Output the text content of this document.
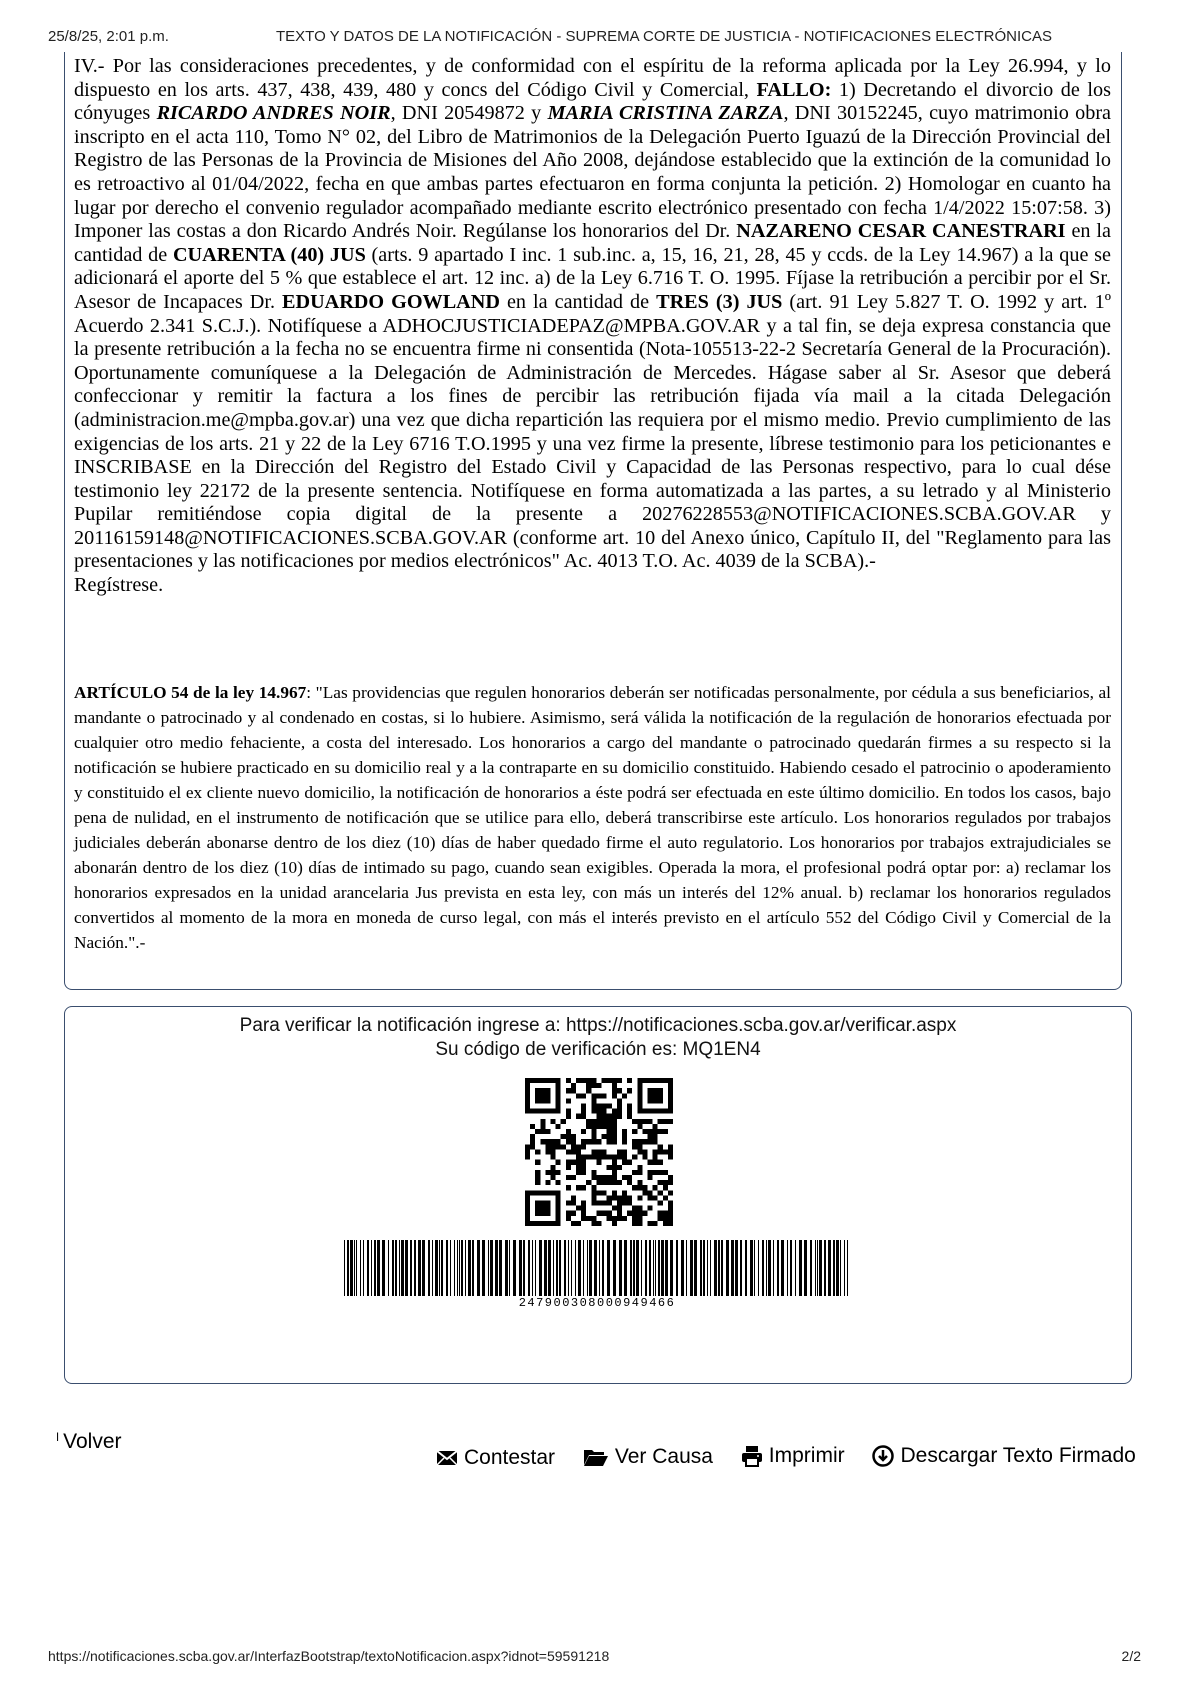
25/8/25, 2:01 p.m.	TEXTO Y DATOS DE LA NOTIFICACIÓN - SUPREMA CORTE DE JUSTICIA - NOTIFICACIONES ELECTRÓNICAS

IV.- Por las consideraciones precedentes, y de conformidad con el espíritu de la reforma aplicada por la Ley 26.994, y lo dispuesto en los arts. 437, 438, 439, 480 y concs del Código Civil y Comercial, FALLO: 1) Decretando el divorcio de los cónyuges RICARDO ANDRES NOIR, DNI 20549872 y MARIA CRISTINA ZARZA, DNI 30152245, cuyo matrimonio obra inscripto en el acta 110, Tomo N° 02, del Libro de Matrimonios de la Delegación Puerto Iguazú de la Dirección Provincial del Registro de las Personas de la Provincia de Misiones del Año 2008, dejándose establecido que la extinción de la comunidad lo es retroactivo al 01/04/2022, fecha en que ambas partes efectuaron en forma conjunta la petición. 2) Homologar en cuanto ha lugar por derecho el convenio regulador acompañado mediante escrito electrónico presentado con fecha 1/4/2022 15:07:58. 3) Imponer las costas a don Ricardo Andrés Noir. Regúlanse los honorarios del Dr. NAZARENO CESAR CANESTRARI en la cantidad de CUARENTA (40) JUS (arts. 9 apartado I inc. 1 sub.inc. a, 15, 16, 21, 28, 45 y ccds. de la Ley 14.967) a la que se adicionará el aporte del 5 % que establece el art. 12 inc. a) de la Ley 6.716 T. O. 1995. Fíjase la retribución a percibir por el Sr. Asesor de Incapaces Dr. EDUARDO GOWLAND en la cantidad de TRES (3) JUS (art. 91 Ley 5.827 T. O. 1992 y art. 1º Acuerdo 2.341 S.C.J.). Notifíquese a ADHOCJUSTICIADEPAZ@MPBA.GOV.AR y a tal fin, se deja expresa constancia que la presente retribución a la fecha no se encuentra firme ni consentida (Nota-105513-22-2 Secretaría General de la Procuración). Oportunamente comuníquese a la Delegación de Administración de Mercedes. Hágase saber al Sr. Asesor que deberá confeccionar y remitir la factura a los fines de percibir las retribución fijada vía mail a la citada Delegación (administracion.me@mpba.gov.ar) una vez que dicha repartición las requiera por el mismo medio. Previo cumplimiento de las exigencias de los arts. 21 y 22 de la Ley 6716 T.O.1995 y una vez firme la presente, líbrese testimonio para los peticionantes e INSCRIBASE en la Dirección del Registro del Estado Civil y Capacidad de las Personas respectivo, para lo cual dése testimonio ley 22172 de la presente sentencia. Notifíquese en forma automatizada a las partes, a su letrado y al Ministerio Pupilar remitiéndose copia digital de la presente a 20276228553@NOTIFICACIONES.SCBA.GOV.AR y 20116159148@NOTIFICACIONES.SCBA.GOV.AR (conforme art. 10 del Anexo único, Capítulo II, del "Reglamento para las presentaciones y las notificaciones por medios electrónicos" Ac. 4013 T.O. Ac. 4039 de la SCBA).-

Regístrese.

ARTÍCULO 54 de la ley 14.967: "Las providencias que regulen honorarios deberán ser notificadas personalmente, por cédula a sus beneficiarios, al mandante o patrocinado y al condenado en costas, si lo hubiere. Asimismo, será válida la notificación de la regulación de honorarios efectuada por cualquier otro medio fehaciente, a costa del interesado. Los honorarios a cargo del mandante o patrocinado quedarán firmes a su respecto si la notificación se hubiere practicado en su domicilio real y a la contraparte en su domicilio constituido. Habiendo cesado el patrocinio o apoderamiento y constituido el ex cliente nuevo domicilio, la notificación de honorarios a éste podrá ser efectuada en este último domicilio. En todos los casos, bajo pena de nulidad, en el instrumento de notificación que se utilice para ello, deberá transcribirse este artículo. Los honorarios regulados por trabajos judiciales deberán abonarse dentro de los diez (10) días de haber quedado firme el auto regulatorio. Los honorarios por trabajos extrajudiciales se abonarán dentro de los diez (10) días de intimado su pago, cuando sean exigibles. Operada la mora, el profesional podrá optar por: a) reclamar los honorarios expresados en la unidad arancelaria Jus prevista en esta ley, con más un interés del 12% anual. b) reclamar los honorarios regulados convertidos al momento de la mora en moneda de curso legal, con más el interés previsto en el artículo 552 del Código Civil y Comercial de la Nación.".-
Para verificar la notificación ingrese a: https://notificaciones.scba.gov.ar/verificar.aspx
Su código de verificación es: MQ1EN4
247900308000949466
$^ǀ$ Volver
Contestar
	Ver Causa
	Imprimir
	Descargar Texto Firmado
https://notificaciones.scba.gov.ar/InterfazBootstrap/textoNotificacion.aspx?idnot=59591218	2/2
